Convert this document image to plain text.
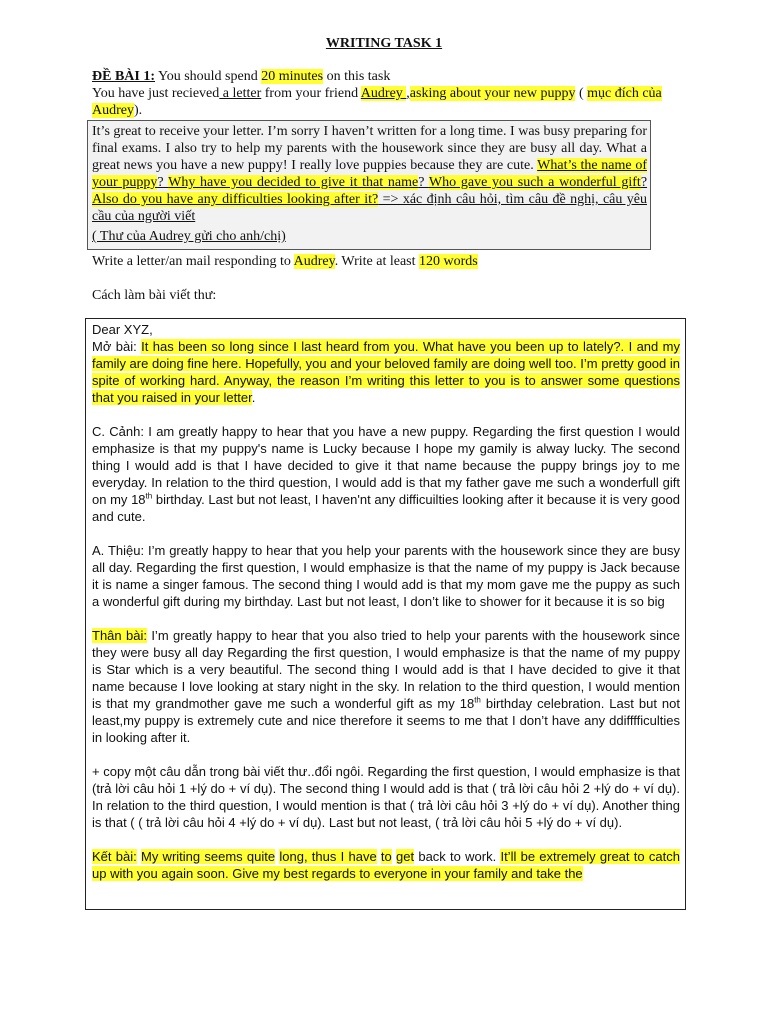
WRITING TASK 1

ĐỀ BÀI 1: You should spend 20 minutes on this task

You have just recieved a letter from your friend Audrey ,asking about your new puppy ( mục đích của Audrey).

It’s great to receive your letter. I’m sorry I haven’t written for a long time. I was busy preparing for final exams. I also try to help my parents with the housework since they are busy all day. What a great news you have a new puppy! I really love puppies because they are cute. What’s the name of your puppy? Why have you decided to give it that name? Who gave you such a wonderful gift? Also do you have any difficulties looking after it? => xác định câu hỏi, tìm câu đề nghị, câu yêu cầu của người viết

( Thư của Audrey gửi cho anh/chị)
Write a letter/an mail responding to Audrey. Write at least 120 words
Cách làm bài viết thư:
Dear XYZ,

Mở bài: It has been so long since I last heard from you. What have you been up to lately?. I and my family are doing fine here. Hopefully, you and your beloved family are doing well too. I’m pretty good in spite of working hard. Anyway, the reason I’m writing this letter to you is to answer some questions that you raised in your letter.

C. Cảnh: I am greatly happy to hear that you have a new puppy. Regarding the first question I would emphasize is that my puppy's name is Lucky because I hope my gamily is alway lucky. The second thing I would add is that I have decided to give it that name because the puppy brings joy to me everyday. In relation to the third question, I would add is that my father gave me such a wonderfull gift on my 18th birthday. Last but not least, I haven'nt any difficuilties looking after it because it is very good and cute.

A. Thiệu: I’m greatly happy to hear that you help your parents with the housework since they are busy all day. Regarding the first question, I would emphasize is that the name of my puppy is Jack because it is name a singer famous. The second thing I would add is that my mom gave me the puppy as such a wonderful gift during my birthday. Last but not least, I don’t like to shower for it because it is so big

Thân bài: I’m greatly happy to hear that you also tried to help your parents with the housework since they were busy all day Regarding the first question, I would emphasize is that the name of my puppy is Star which is a very beautiful. The second thing I would add is that I have decided to give it that name because I love looking at stary night in the sky. In relation to the third question, I would mention is that my grandmother gave me such a wonderful gift as my 18th birthday celebration. Last but not least,my puppy is extremely cute and nice therefore it seems to me that I don’t have any ddifffficulties in looking after it.

+ copy một câu dẫn trong bài viết thư..đổi ngôi. Regarding the first question, I would emphasize is that (trả lời câu hỏi 1 +lý do + ví dụ). The second thing I would add is that ( trả lời câu hỏi 2 +lý do + ví dụ). In relation to the third question, I would mention is that ( trả lời câu hỏi 3 +lý do + ví dụ). Another thing is that ( ( trả lời câu hỏi 4 +lý do + ví dụ). Last but not least, ( trả lời câu hỏi 5 +lý do + ví dụ).

Kết bài: My writing seems quite long, thus I have to get back to work. It’ll be extremely great to catch up with you again soon. Give my best regards to everyone in your family and take the
